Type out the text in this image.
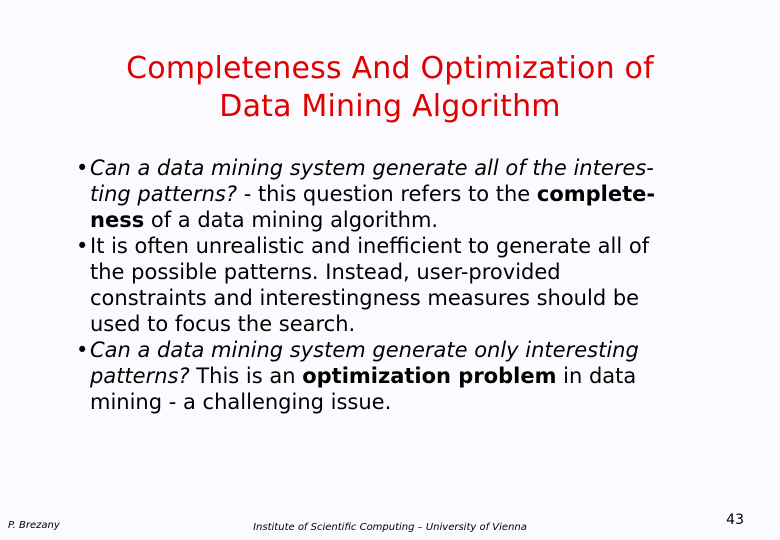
Completeness And Optimization of
Data Mining Algorithm
• Can a data mining system generate all of the interes-
ting patterns? - this question refers to the complete-
ness of a data mining algorithm.
• It is often unrealistic and inefficient to generate all of
the possible patterns. Instead, user-provided
constraints and interestingness measures should be
used to focus the search.
• Can a data mining system generate only interesting
patterns? This is an optimization problem in data
mining - a challenging issue.
P. Brezany	Institute of Scientific Computing – University of Vienna	43
